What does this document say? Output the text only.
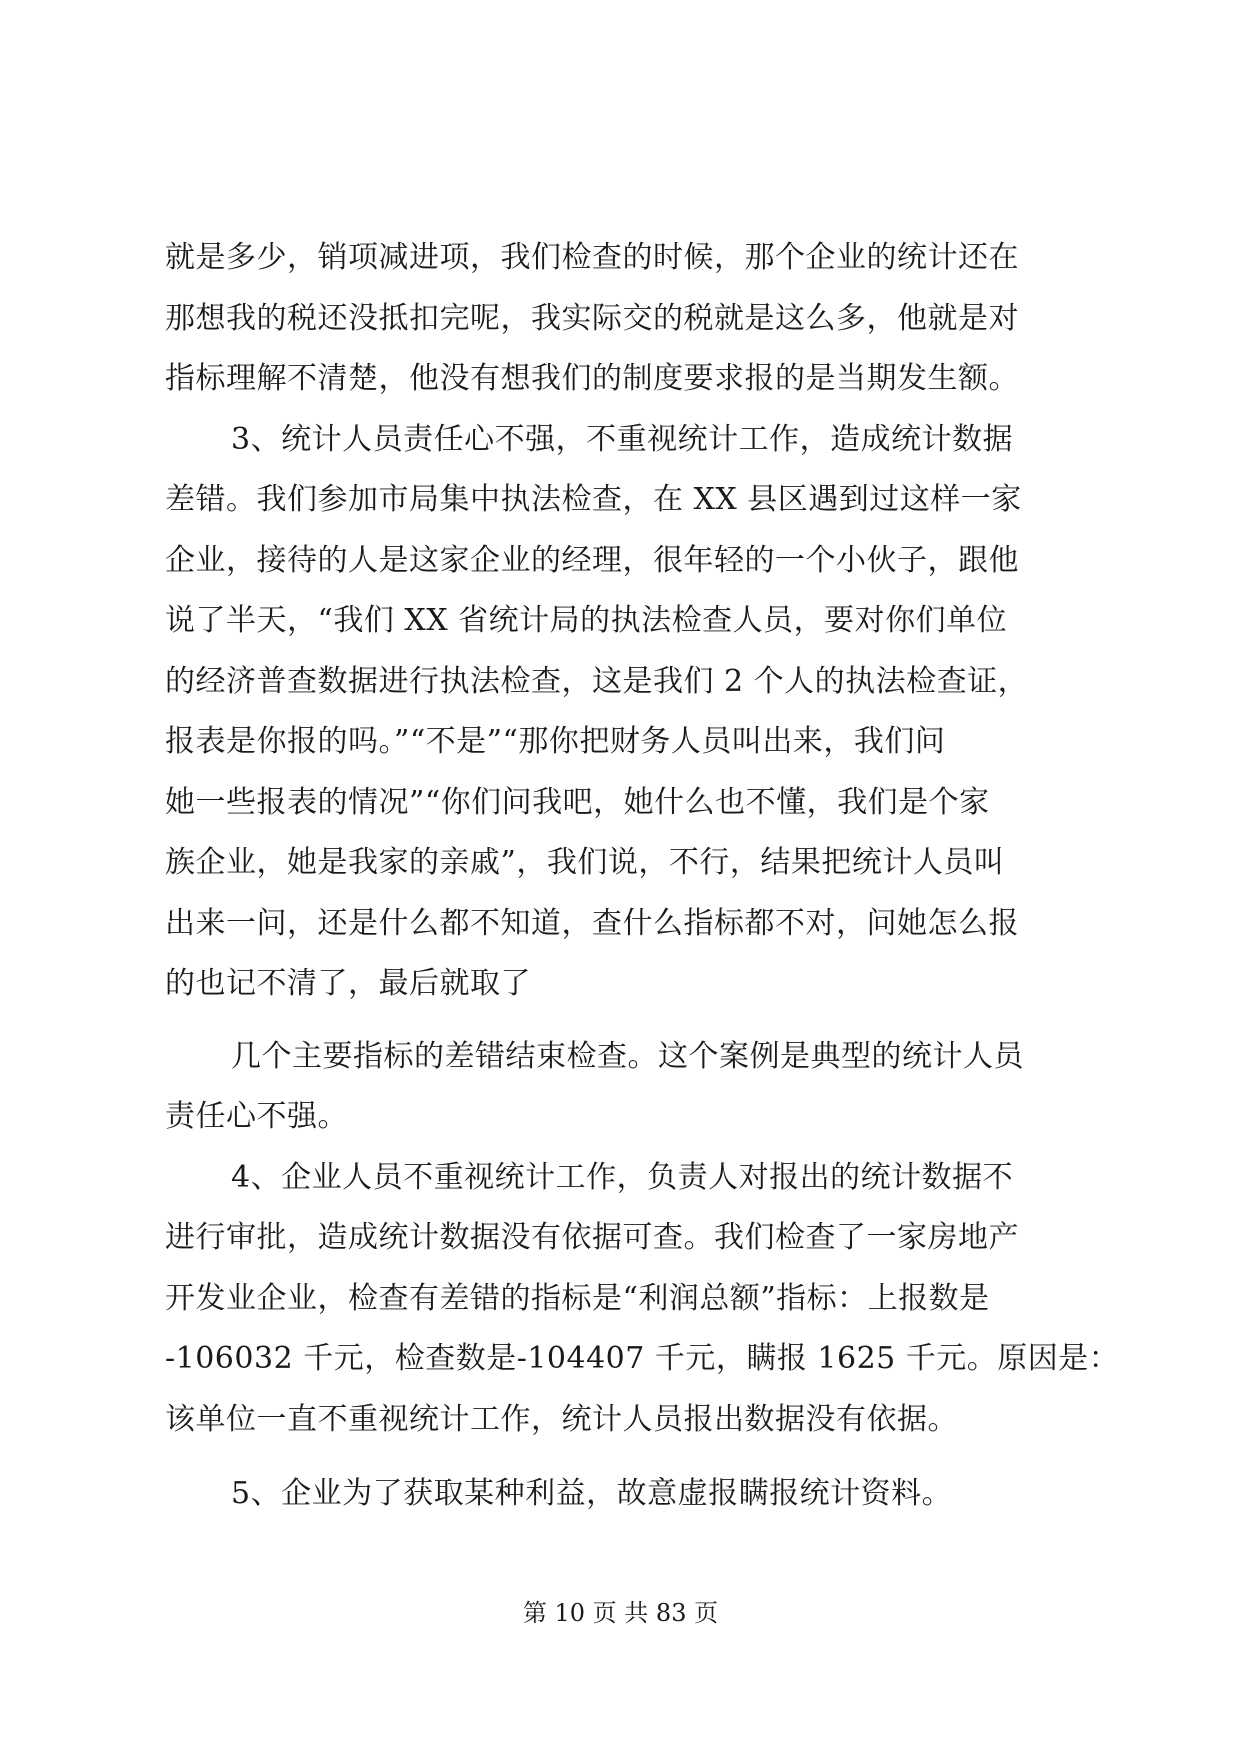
就是多少，销项减进项，我们检查的时候，那个企业的统计还在
那想我的税还没抵扣完呢，我实际交的税就是这么多，他就是对
指标理解不清楚，他没有想我们的制度要求报的是当期发生额。
3、统计人员责任心不强，不重视统计工作，造成统计数据
差错。我们参加市局集中执法检查，在 XX 县区遇到过这样一家
企业，接待的人是这家企业的经理，很年轻的一个小伙子，跟他
说了半天，“我们 XX 省统计局的执法检查人员，要对你们单位
的经济普查数据进行执法检查，这是我们 2 个人的执法检查证，
报表是你报的吗。”“不是”“那你把财务人员叫出来，我们问
她一些报表的情况”“你们问我吧，她什么也不懂，我们是个家
族企业，她是我家的亲戚”，我们说，不行，结果把统计人员叫
出来一问，还是什么都不知道，查什么指标都不对，问她怎么报
的也记不清了，最后就取了
几个主要指标的差错结束检查。这个案例是典型的统计人员
责任心不强。
4、企业人员不重视统计工作，负责人对报出的统计数据不
进行审批，造成统计数据没有依据可查。我们检查了一家房地产
开发业企业，检查有差错的指标是“利润总额”指标：上报数是
-106032 千元，检查数是-104407 千元，瞒报 1625 千元。原因是：
该单位一直不重视统计工作，统计人员报出数据没有依据。
5、企业为了获取某种利益，故意虚报瞒报统计资料。
第 10 页 共 83 页
